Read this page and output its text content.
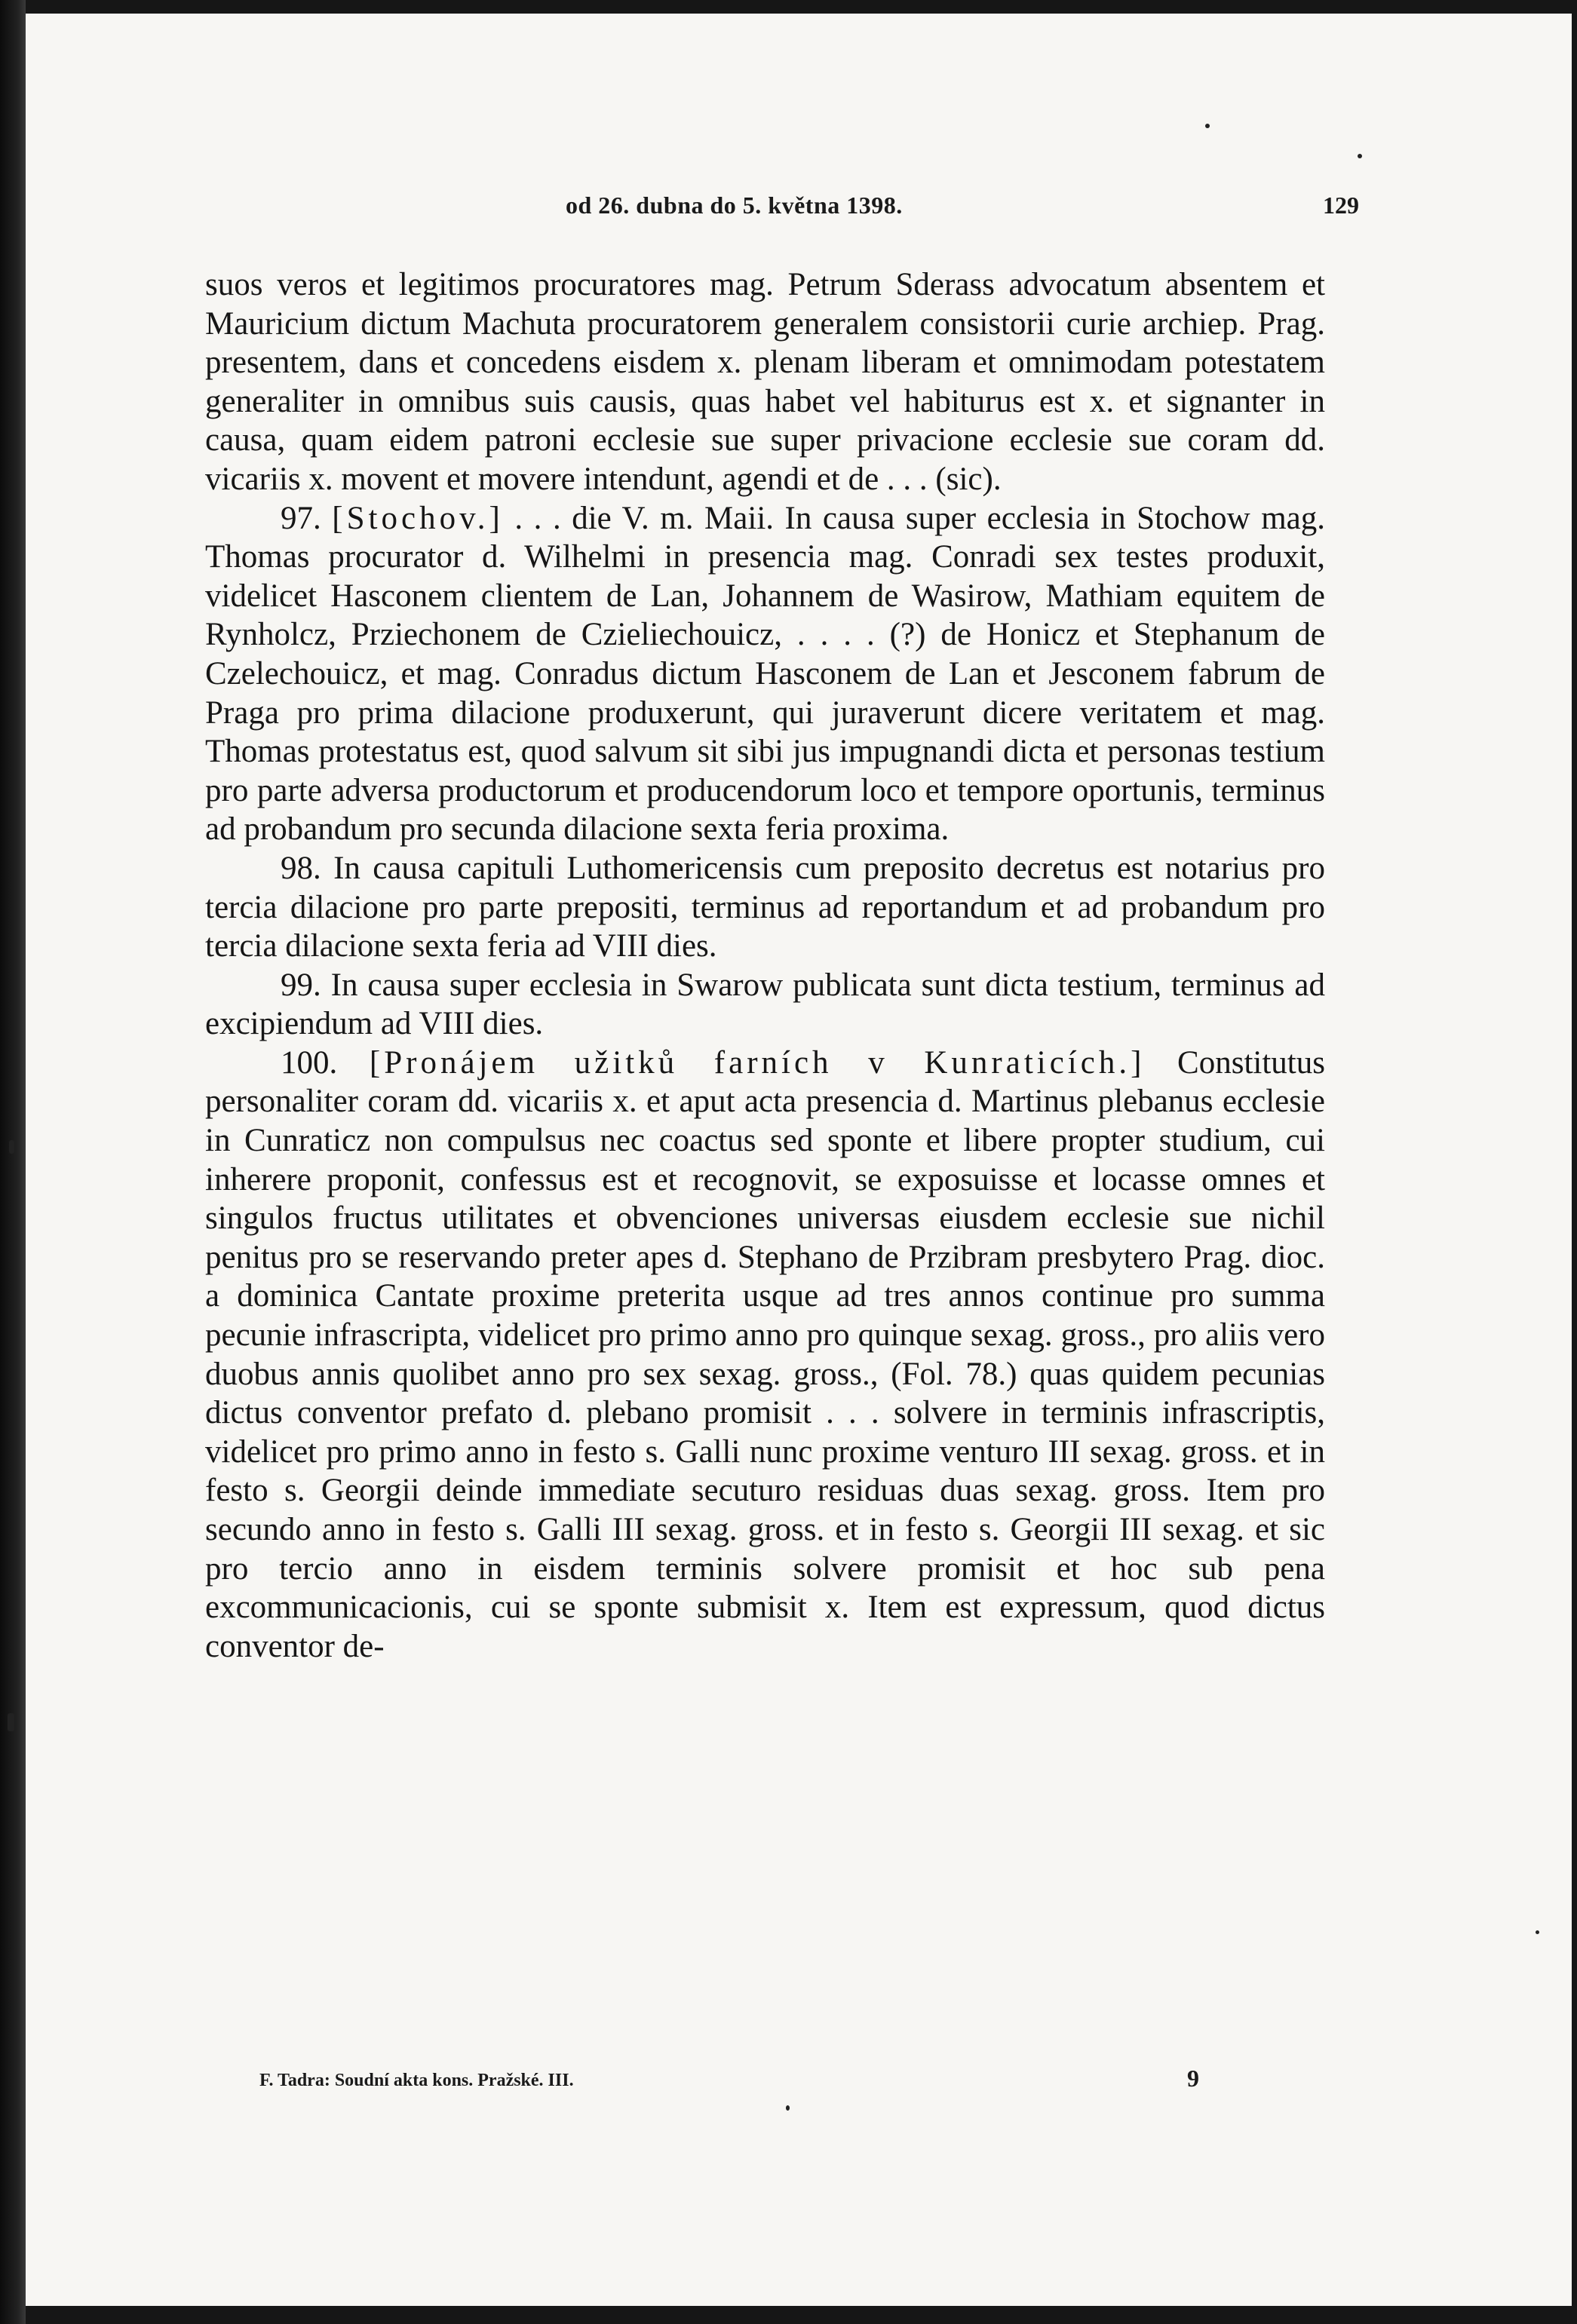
od 26. dubna do 5. května 1398.	129

suos veros et legitimos procuratores mag. Petrum Sderass advocatum absentem et Mauricium dictum Machuta procuratorem generalem consistorii curie archiep. Prag. presentem, dans et concedens eisdem x. plenam liberam et omnimodam potestatem generaliter in omnibus suis causis, quas habet vel habiturus est x. et signanter in causa, quam eidem patroni ecclesie sue super privacione ecclesie sue coram dd. vicariis x. movent et movere intendunt, agendi et de . . . (sic).

97. [Stochov.] . . . die V. m. Maii. In causa super ecclesia in Stochow mag. Thomas procurator d. Wilhelmi in presencia mag. Conradi sex testes produxit, videlicet Hasconem clientem de Lan, Johannem de Wasirow, Mathiam equitem de Rynholcz, Prziechonem de Czieliechouicz, . . . . (?) de Honicz et Stephanum de Czelechouicz, et mag. Conradus dictum Hasconem de Lan et Jesconem fabrum de Praga pro prima dilacione produxerunt, qui juraverunt dicere veritatem et mag. Thomas protestatus est, quod salvum sit sibi jus impugnandi dicta et personas testium pro parte adversa productorum et producendorum loco et tempore oportunis, terminus ad probandum pro secunda dilacione sexta feria proxima.

98. In causa capituli Luthomericensis cum preposito decretus est notarius pro tercia dilacione pro parte prepositi, terminus ad reportandum et ad probandum pro tercia dilacione sexta feria ad VIII dies.

99. In causa super ecclesia in Swarow publicata sunt dicta testium, terminus ad excipiendum ad VIII dies.

100. [Pronájem užitků farních v Kunraticích.] Constitutus personaliter coram dd. vicariis x. et aput acta presencia d. Martinus plebanus ecclesie in Cunraticz non compulsus nec coactus sed sponte et libere propter studium, cui inherere proponit, confessus est et recognovit, se exposuisse et locasse omnes et singulos fructus utilitates et obvenciones universas eiusdem ecclesie sue nichil penitus pro se reservando preter apes d. Stephano de Przibram presbytero Prag. dioc. a dominica Cantate proxime preterita usque ad tres annos continue pro summa pecunie infrascripta, videlicet pro primo anno pro quinque sexag. gross., pro aliis vero duobus annis quolibet anno pro sex sexag. gross., (Fol. 78.) quas quidem pecunias dictus conventor prefato d. plebano promisit . . . solvere in terminis infrascriptis, videlicet pro primo anno in festo s. Galli nunc proxime venturo III sexag. gross. et in festo s. Georgii deinde immediate secuturo residuas duas sexag. gross. Item pro secundo anno in festo s. Galli III sexag. gross. et in festo s. Georgii III sexag. et sic pro tercio anno in eisdem terminis solvere promisit et hoc sub pena excommunicacionis, cui se sponte submisit x. Item est expressum, quod dictus conventor de-

F. Tadra: Soudní akta kons. Pražské. III.	9
